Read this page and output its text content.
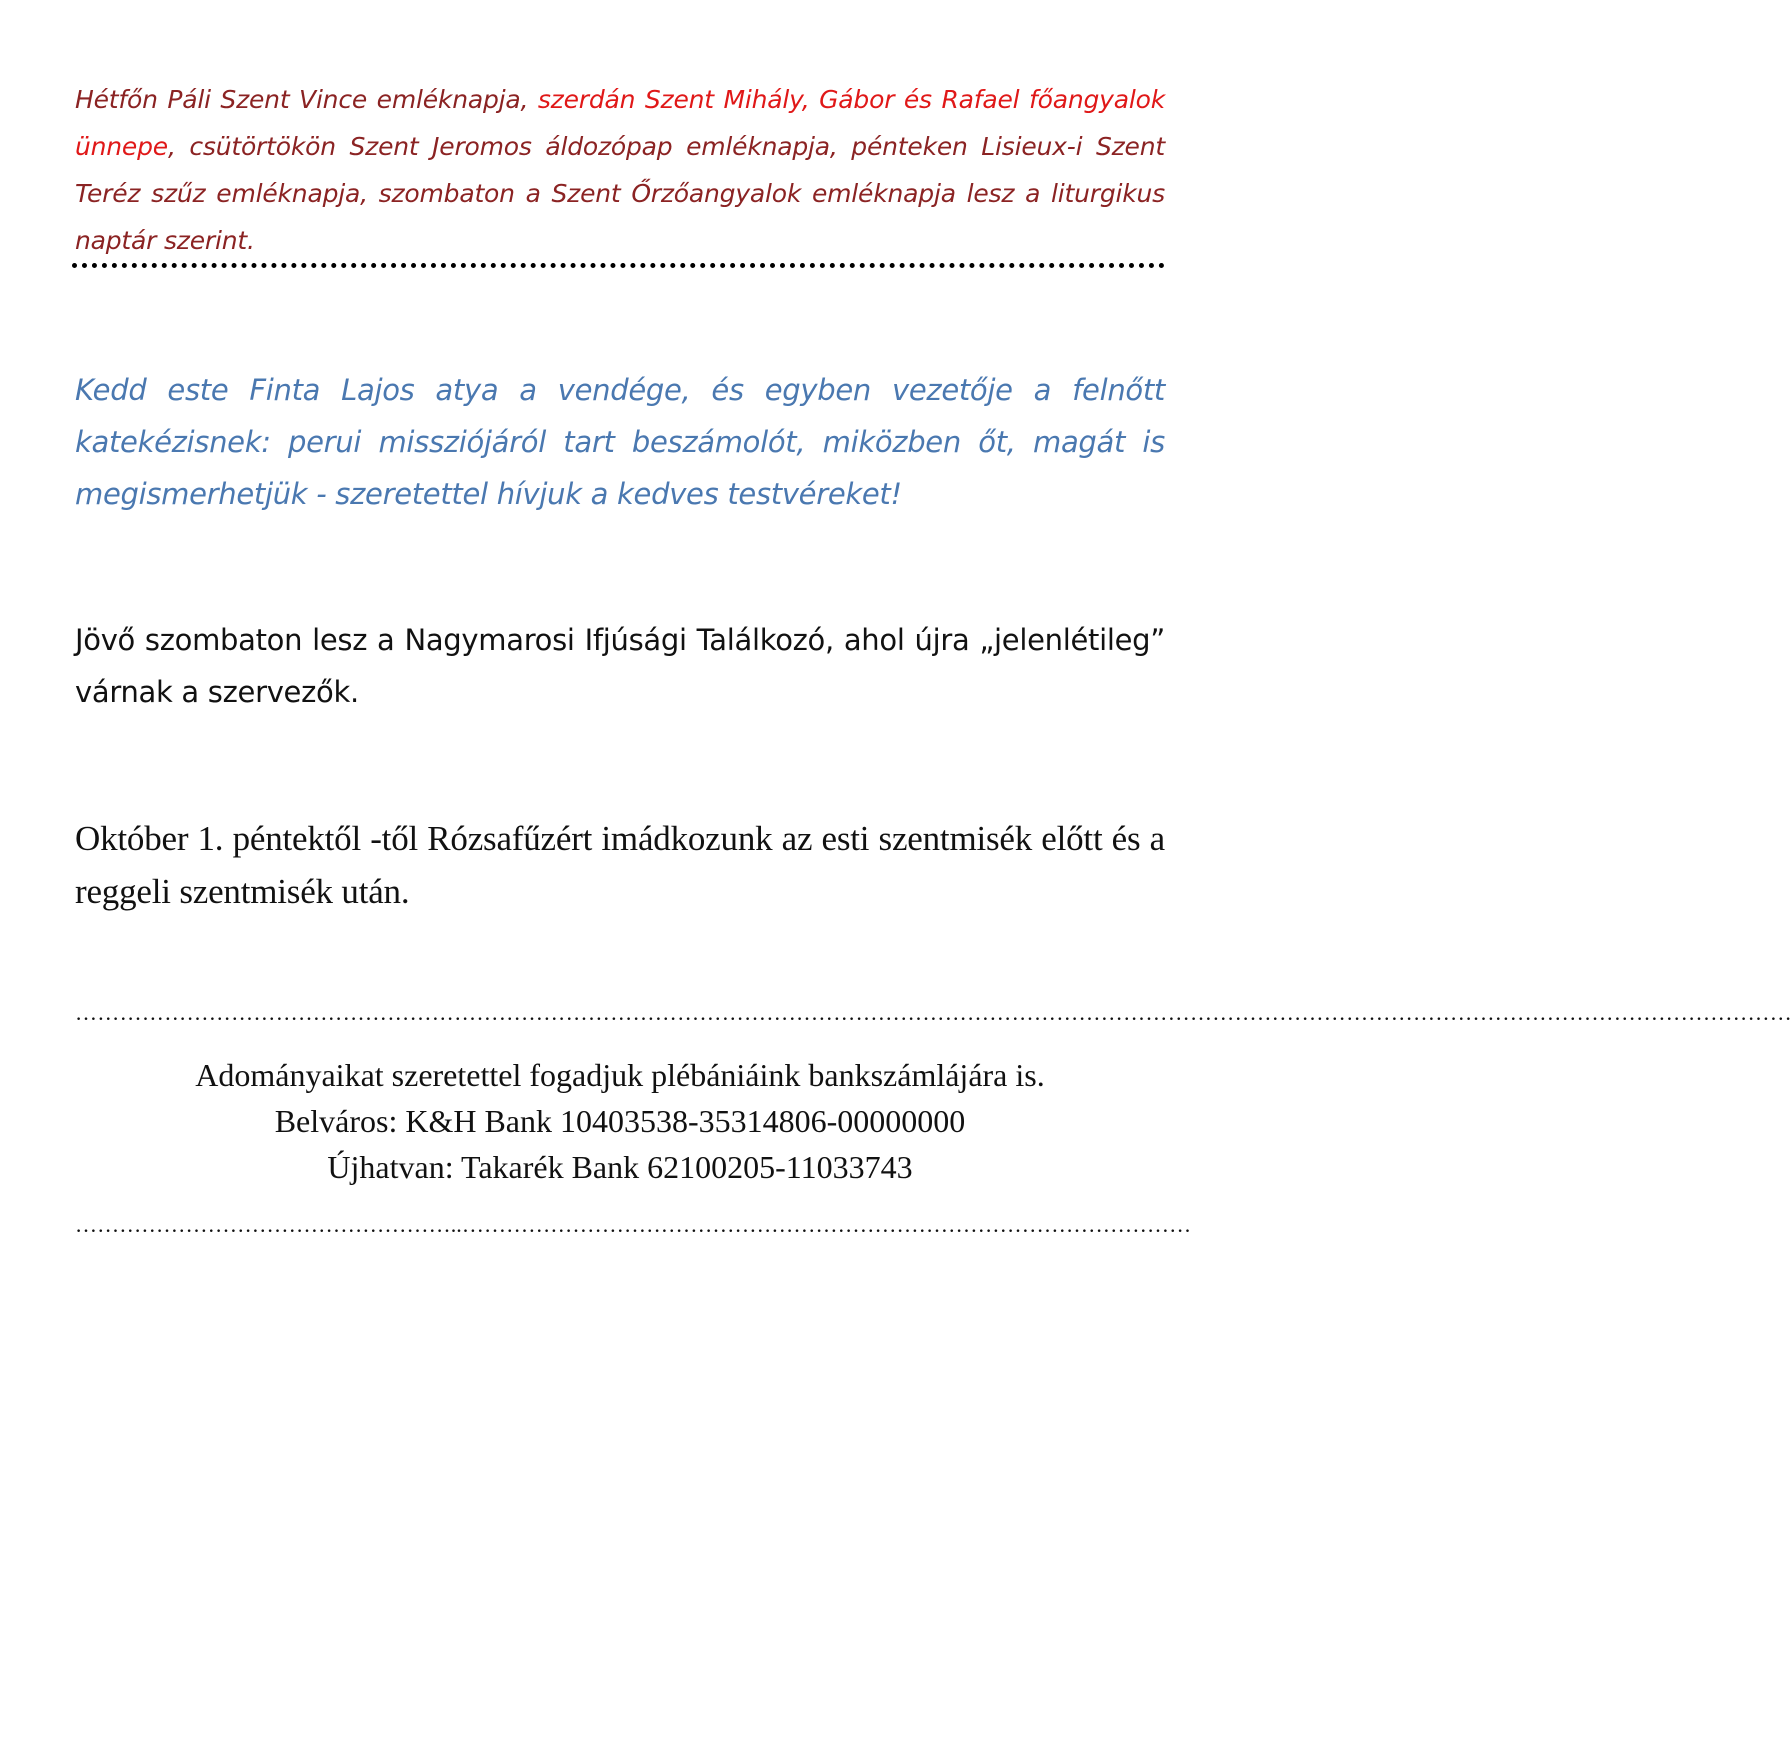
Hétfőn Páli Szent Vince emléknapja, szerdán Szent Mihály, Gábor és Rafael főangyalok ünnepe, csütörtökön Szent Jeromos áldozópap emléknapja, pénteken Lisieux-i Szent Teréz szűz emléknapja, szombaton a Szent Őrzőangyalok emléknapja lesz a liturgikus naptár szerint.

Kedd este Finta Lajos atya a vendége, és egyben vezetője a felnőtt katekézisnek: perui missziójáról tart beszámolót, miközben őt, magát is megismerhetjük - szeretettel hívjuk a kedves testvéreket!

Jövő szombaton lesz a Nagymarosi Ifjúsági Találkozó, ahol újra „jelenlétileg” várnak a szervezők.

Október 1. péntektől -től Rózsafűzért imádkozunk az esti szentmisék előtt és a reggeli szentmisék után.

……………………………………………………………………………………………………………………………………………………………………………………………………………
Adományaikat szeretettel fogadjuk plébániáink bankszámlájára is.
Belváros: K&H Bank 10403538-35314806-00000000
Újhatvan: Takarék Bank 62100205-11033743
……………………………………………..………………………………………………………………………………………
